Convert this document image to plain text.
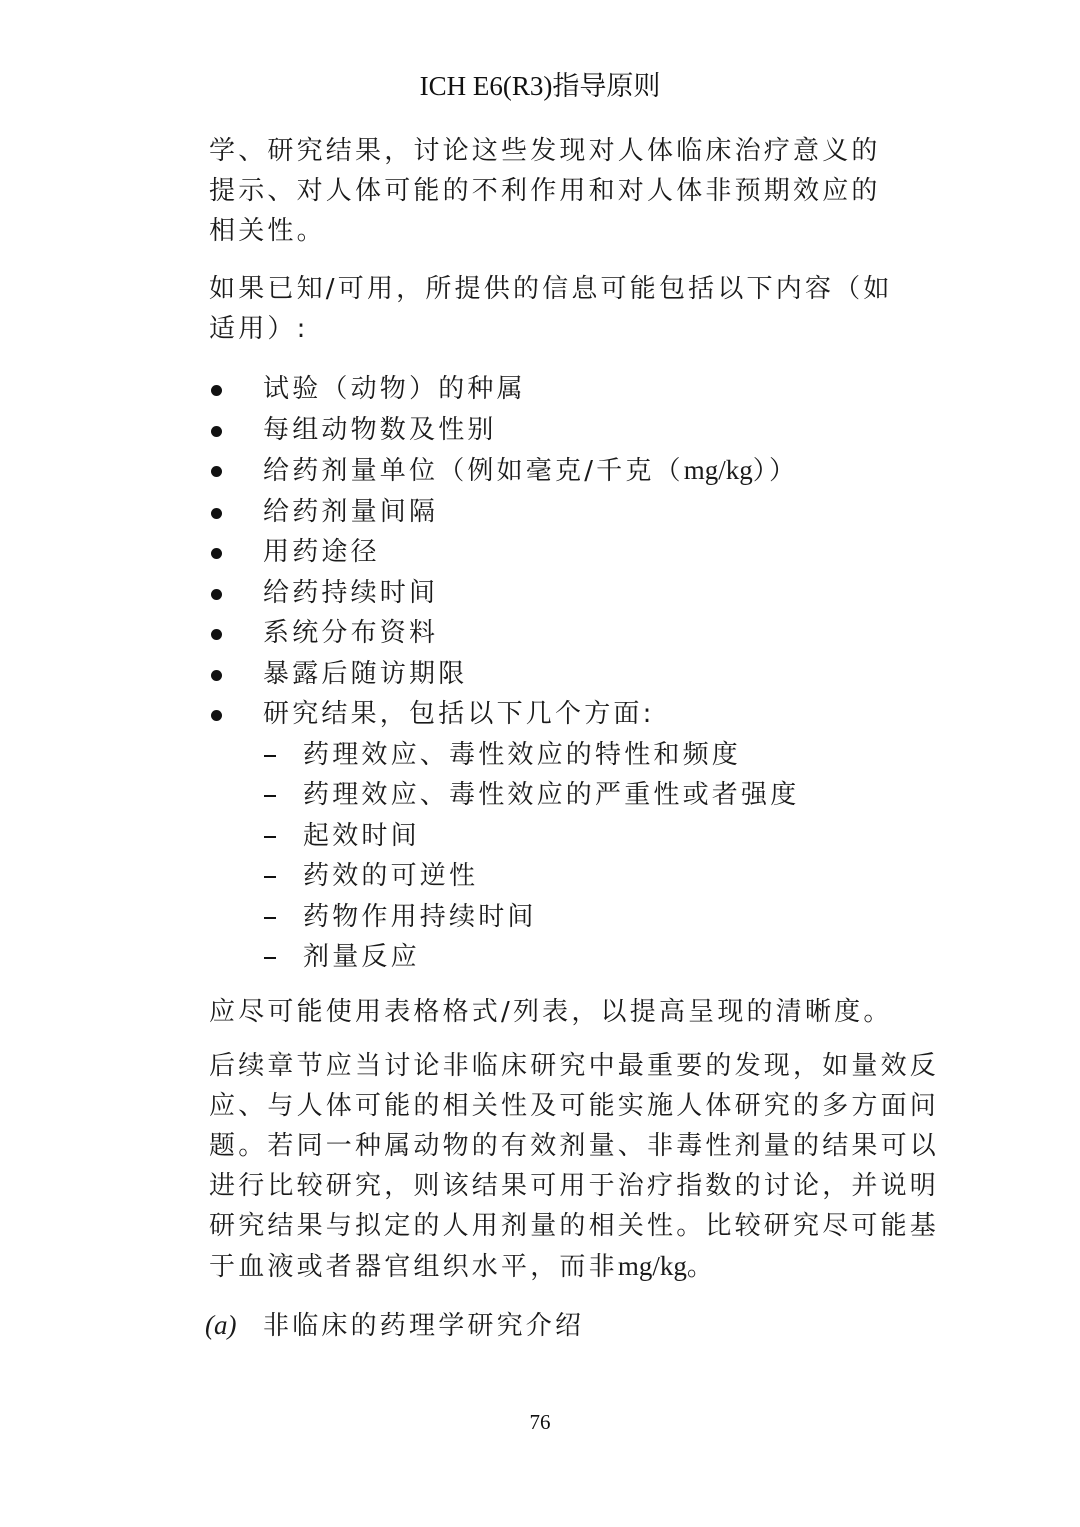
ICH E6(R3)指导原则

学、研究结果，讨论这些发现对人体临床治疗意义的提示、对人体可能的不利作用和对人体非预期效应的相关性。

如果已知/可用，所提供的信息可能包括以下内容（如适用）:

试验（动物）的种属
每组动物数及性别
给药剂量单位（例如毫克/千克（mg/kg））
给药剂量间隔
用药途径
给药持续时间
系统分布资料
暴露后随访期限
研究结果，包括以下几个方面:
药理效应、毒性效应的特性和频度
药理效应、毒性效应的严重性或者强度
起效时间
药效的可逆性
药物作用持续时间
剂量反应

应尽可能使用表格格式/列表，以提高呈现的清晰度。

后续章节应当讨论非临床研究中最重要的发现，如量效反应、与人体可能的相关性及可能实施人体研究的多方面问题。若同一种属动物的有效剂量、非毒性剂量的结果可以进行比较研究，则该结果可用于治疗指数的讨论，并说明研究结果与拟定的人用剂量的相关性。比较研究尽可能基于血液或者器官组织水平，而非mg/kg。

(a) 非临床的药理学研究介绍
76
